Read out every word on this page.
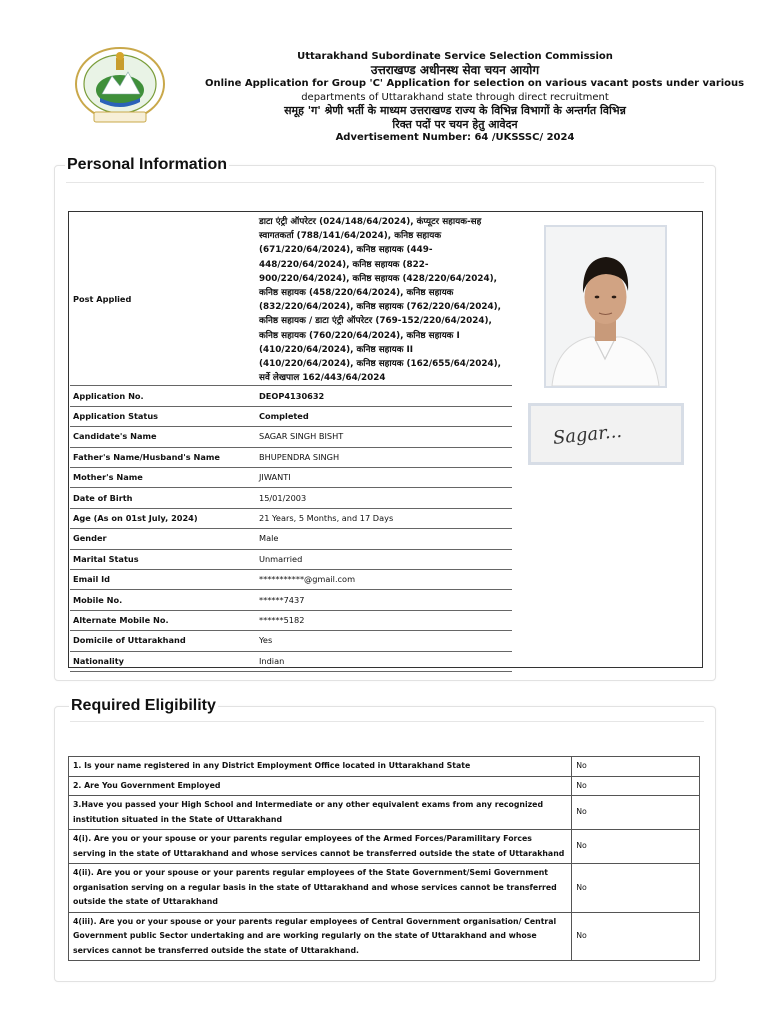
Uttarakhand Subordinate Service Selection Commission
उत्तराखण्ड अधीनस्थ सेवा चयन आयोग
Online Application for Group 'C' Application for selection on various vacant posts under various
departments of Uttarakhand state through direct recruitment
समूह 'ग' श्रेणी भर्ती के माध्यम उत्तराखण्ड राज्य के विभिन्न विभागों के अन्तर्गत विभिन्न
रिक्त पदों पर चयन हेतु आवेदन
Advertisement Number: 64 /UKSSSC/ 2024
Personal Information
Post Applied	डाटा एंट्री ऑपरेटर (024/148/64/2024), कंप्यूटर सहायक-सह स्वागतकर्ता (788/141/64/2024), कनिष्ठ सहायक (671/220/64/2024), कनिष्ठ सहायक (449-448/220/64/2024), कनिष्ठ सहायक (822-900/220/64/2024), कनिष्ठ सहायक (428/220/64/2024), कनिष्ठ सहायक (458/220/64/2024), कनिष्ठ सहायक (832/220/64/2024), कनिष्ठ सहायक (762/220/64/2024), कनिष्ठ सहायक / डाटा एंट्री ऑपरेटर (769-152/220/64/2024), कनिष्ठ सहायक (760/220/64/2024), कनिष्ठ सहायक I (410/220/64/2024), कनिष्ठ सहायक II (410/220/64/2024), कनिष्ठ सहायक (162/655/64/2024), सर्वे लेखपाल 162/443/64/2024
Application No.	DEOP4130632
Application Status	Completed
Candidate's Name	SAGAR SINGH BISHT
Father's Name/Husband's Name	BHUPENDRA SINGH
Mother's Name	JIWANTI
Date of Birth	15/01/2003
Age (As on 01st July, 2024)	21 Years, 5 Months, and 17 Days
Gender	Male
Marital Status	Unmarried
Email Id	***********@gmail.com
Mobile No.	******7437
Alternate Mobile No.	******5182
Domicile of Uttarakhand	Yes
Nationality	Indian
Sagar...
Required Eligibility
1. Is your name registered in any District Employment Office located in Uttarakhand State	No
2. Are You Government Employed	No
3.Have you passed your High School and Intermediate or any other equivalent exams from any recognized institution situated in the State of Uttarakhand	No
4(i). Are you or your spouse or your parents regular employees of the Armed Forces/Paramilitary Forces serving in the state of Uttarakhand and whose services cannot be transferred outside the state of Uttarakhand	No
4(ii). Are you or your spouse or your parents regular employees of the State Government/Semi Government organisation serving on a regular basis in the state of Uttarakhand and whose services cannot be transferred outside the state of Uttarakhand	No
4(iii). Are you or your spouse or your parents regular employees of Central Government organisation/ Central Government public Sector undertaking and are working regularly on the state of Uttarakhand and whose services cannot be transferred outside the state of Uttarakhand.	No
